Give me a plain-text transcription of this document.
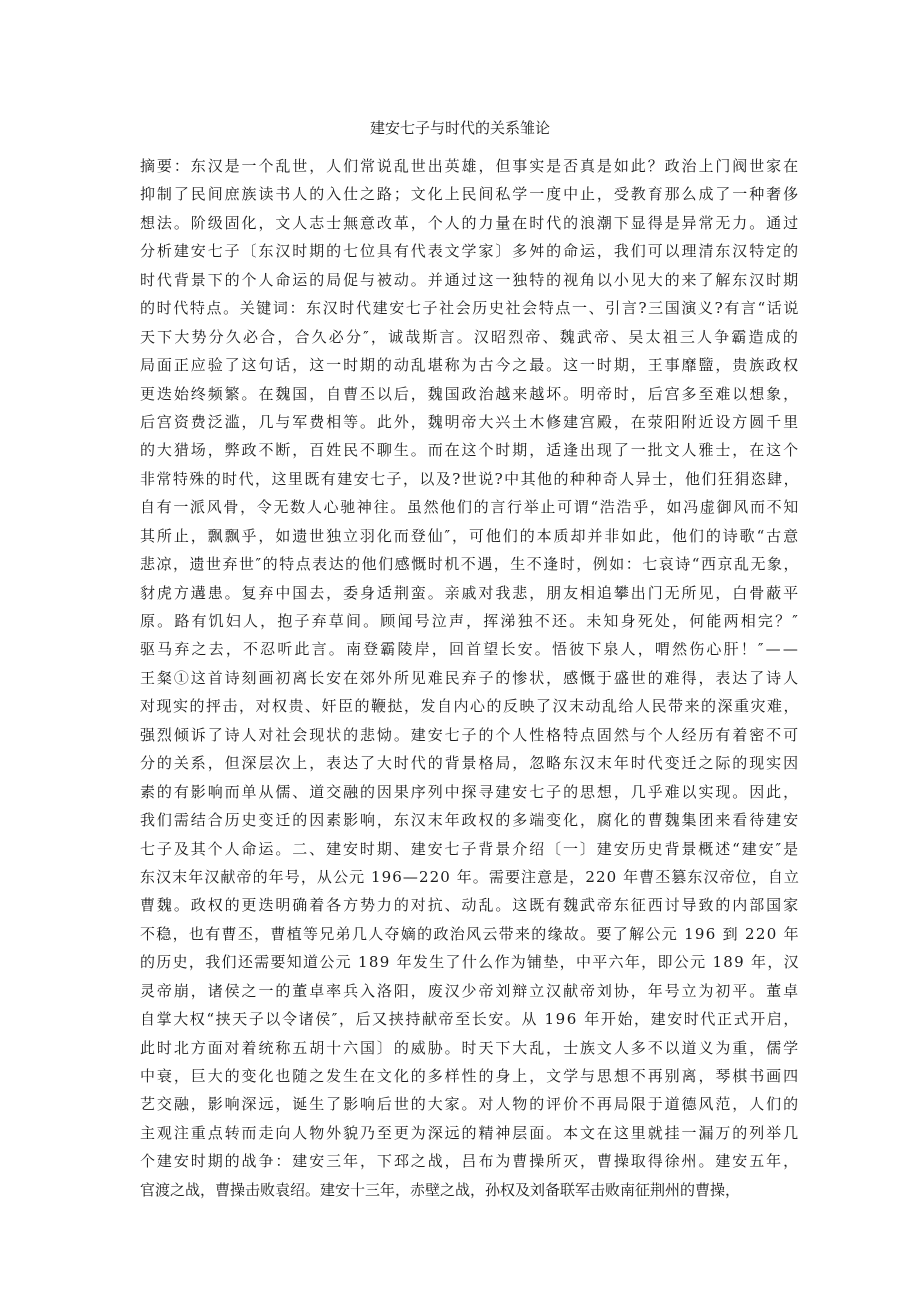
建安七子与时代的关系雏论
摘要：东汉是一个乱世，人们常说乱世出英雄，但事实是否真是如此？政治上门阀世家在
抑制了民间庶族读书人的入仕之路；文化上民间私学一度中止，受教育那么成了一种奢侈
想法。阶级固化，文人志士無意改革，个人的力量在时代的浪潮下显得是异常无力。通过
分析建安七子〔东汉时期的七位具有代表文学家〕多舛的命运，我们可以理清东汉特定的
时代背景下的个人命运的局促与被动。并通过这一独特的视角以小见大的来了解东汉时期
的时代特点。关键词：东汉时代建安七子社会历史社会特点一、引言?三国演义?有言“话说
天下大势分久必合，合久必分″，诚哉斯言。汉昭烈帝、魏武帝、吴太祖三人争霸造成的
局面正应验了这句话，这一时期的动乱堪称为古今之最。这一时期，王事靡盬，贵族政权
更迭始终频繁。在魏国，自曹丕以后，魏国政治越来越坏。明帝时，后宫多至难以想象，
后宫资费泛滥，几与军费相等。此外，魏明帝大兴土木修建宫殿，在荥阳附近设方圆千里
的大猎场，弊政不断，百姓民不聊生。而在这个时期，适逢出现了一批文人雅士，在这个
非常特殊的时代，这里既有建安七子，以及?世说?中其他的种种奇人异士，他们狂狷恣肆，
自有一派风骨，令无数人心驰神往。虽然他们的言行举止可谓“浩浩乎，如冯虚御风而不知
其所止，飘飘乎，如遗世独立羽化而登仙″，可他们的本质却并非如此，他们的诗歌“古意
悲凉，遗世弃世″的特点表达的他们感慨时机不遇，生不逢时，例如：七哀诗“西京乱无象，
豺虎方遘患。复弃中国去，委身适荆蛮。亲戚对我悲，朋友相追攀出门无所见，白骨蔽平
原。路有饥妇人，抱子弃草间。顾闻号泣声，挥涕独不还。未知身死处，何能两相完？″
驱马弃之去，不忍听此言。南登霸陵岸，回首望长安。悟彼下泉人，喟然伤心肝！″——
王粲①这首诗刻画初离长安在郊外所见难民弃子的惨状，感慨于盛世的难得，表达了诗人
对现实的抨击，对权贵、奸臣的鞭挞，发自内心的反映了汉末动乱给人民带来的深重灾难，
强烈倾诉了诗人对社会现状的悲恸。建安七子的个人性格特点固然与个人经历有着密不可
分的关系，但深层次上，表达了大时代的背景格局，忽略东汉末年时代变迁之际的现实因
素的有影响而单从儒、道交融的因果序列中探寻建安七子的思想，几乎难以实现。因此，
我们需结合历史变迁的因素影响，东汉末年政权的多端变化，腐化的曹魏集团来看待建安
七子及其个人命运。二、建安时期、建安七子背景介绍〔一〕建安历史背景概述“建安″是
东汉末年汉献帝的年号，从公元 196—220 年。需要注意是，220 年曹丕篡东汉帝位，自立
曹魏。政权的更迭明确着各方势力的对抗、动乱。这既有魏武帝东征西讨导致的内部国家
不稳，也有曹丕，曹植等兄弟几人夺嫡的政治风云带来的缘故。要了解公元 196 到 220 年
的历史，我们还需要知道公元 189 年发生了什么作为铺垫，中平六年，即公元 189 年，汉
灵帝崩，诸侯之一的董卓率兵入洛阳，废汉少帝刘辩立汉献帝刘协，年号立为初平。董卓
自掌大权“挟天子以令诸侯″，后又挟持献帝至长安。从 196 年开始，建安时代正式开启，
此时北方面对着统称五胡十六国〕的威胁。时天下大乱，士族文人多不以道义为重，儒学
中衰，巨大的变化也随之发生在文化的多样性的身上，文学与思想不再别离，琴棋书画四
艺交融，影响深远，诞生了影响后世的大家。对人物的评价不再局限于道德风范，人们的
主观注重点转而走向人物外貌乃至更为深远的精神层面。本文在这里就挂一漏万的列举几
个建安时期的战争：建安三年，下邳之战，吕布为曹操所灭，曹操取得徐州。建安五年，
官渡之战，曹操击败袁绍。建安十三年，赤壁之战，孙权及刘备联军击败南征荆州的曹操，
